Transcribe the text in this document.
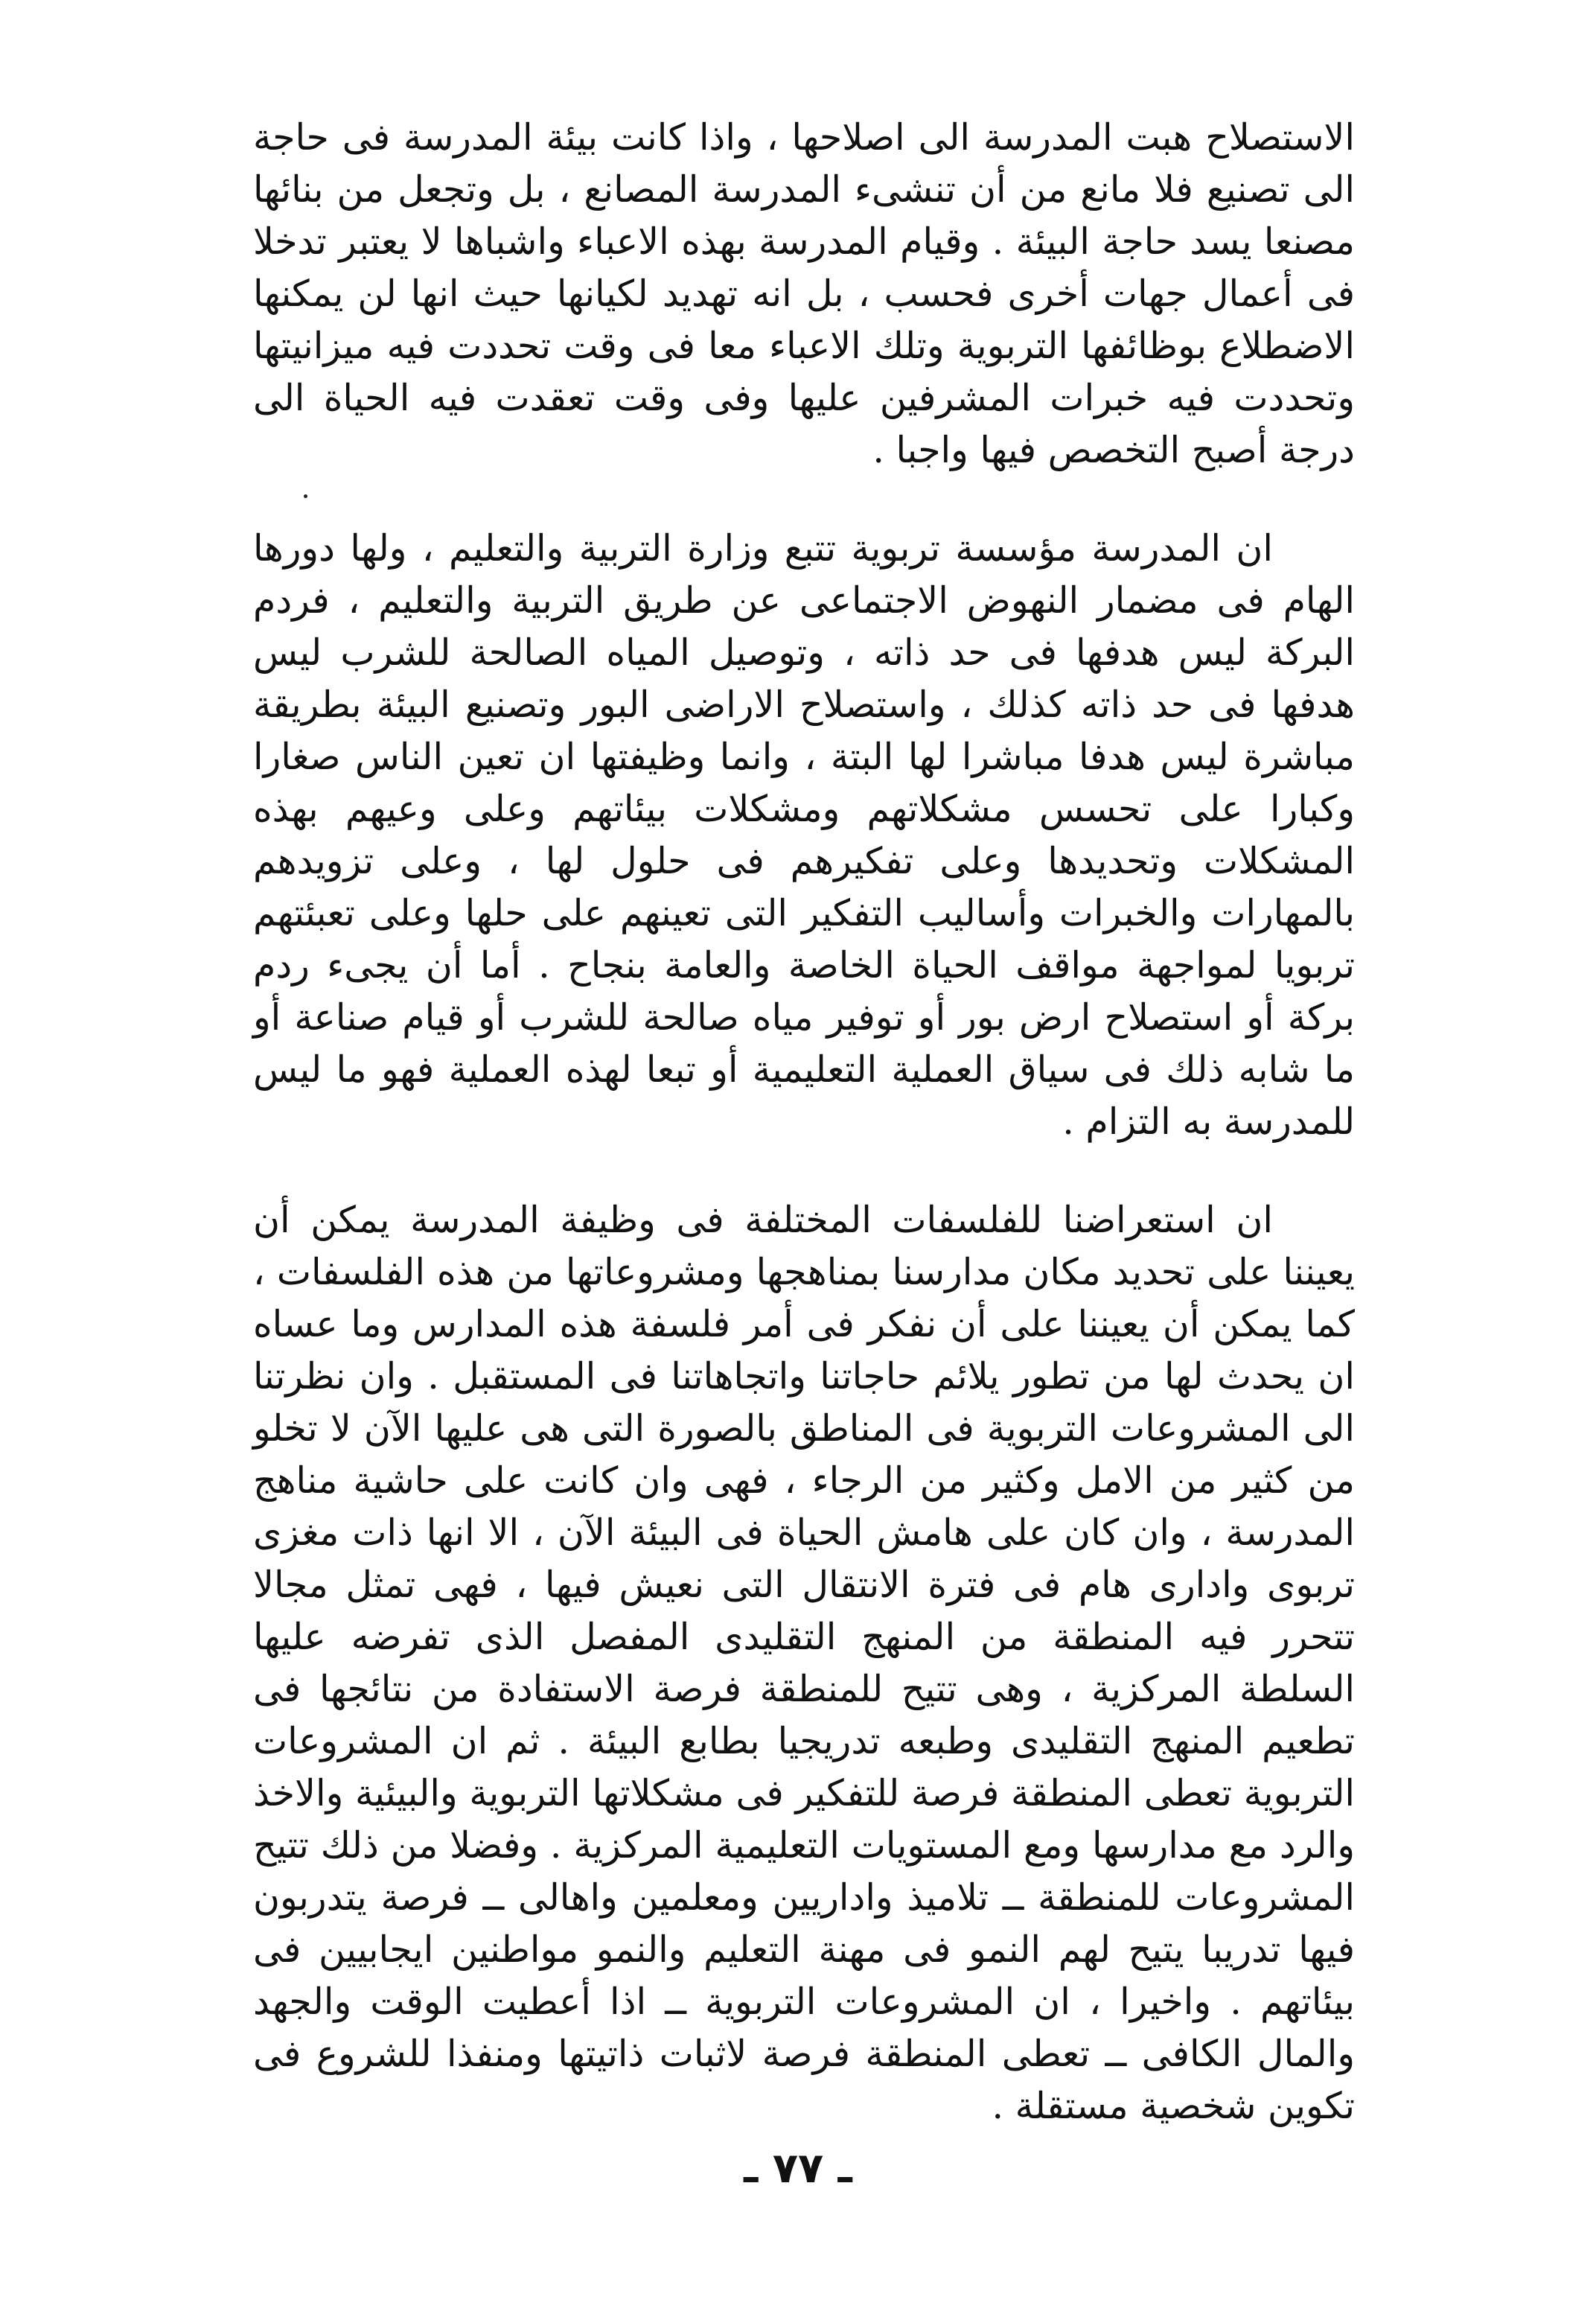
الاستصلاح هبت المدرسة الى اصلاحها ، واذا كانت بيئة المدرسة فى حاجة الى تصنيع فلا مانع من أن تنشىء المدرسة المصانع ، بل وتجعل من بنائها مصنعا يسد حاجة البيئة . وقيام المدرسة بهذه الاعباء واشباها لا يعتبر تدخلا فى أعمال جهات أخرى فحسب ، بل انه تهديد لكيانها حيث انها لن يمكنها الاضطلاع بوظائفها التربوية وتلك الاعباء معا فى وقت تحددت فيه ميزانيتها وتحددت فيه خبرات المشرفين عليها وفى وقت تعقدت فيه الحياة الى درجة أصبح التخصص فيها واجبا .

ان المدرسة مؤسسة تربوية تتبع وزارة التربية والتعليم ، ولها دورها الهام فى مضمار النهوض الاجتماعى عن طريق التربية والتعليم ، فردم البركة ليس هدفها فى حد ذاته ، وتوصيل المياه الصالحة للشرب ليس هدفها فى حد ذاته كذلك ، واستصلاح الاراضى البور وتصنيع البيئة بطريقة مباشرة ليس هدفا مباشرا لها البتة ، وانما وظيفتها ان تعين الناس صغارا وكبارا على تحسس مشكلاتهم ومشكلات بيئاتهم وعلى وعيهم بهذه المشكلات وتحديدها وعلى تفكيرهم فى حلول لها ، وعلى تزويدهم بالمهارات والخبرات وأساليب التفكير التى تعينهم على حلها وعلى تعبئتهم تربويا لمواجهة مواقف الحياة الخاصة والعامة بنجاح . أما أن يجىء ردم بركة أو استصلاح ارض بور أو توفير مياه صالحة للشرب أو قيام صناعة أو ما شابه ذلك فى سياق العملية التعليمية أو تبعا لهذه العملية فهو ما ليس للمدرسة به التزام .

ان استعراضنا للفلسفات المختلفة فى وظيفة المدرسة يمكن أن يعيننا على تحديد مكان مدارسنا بمناهجها ومشروعاتها من هذه الفلسفات ، كما يمكن أن يعيننا على أن نفكر فى أمر فلسفة هذه المدارس وما عساه ان يحدث لها من تطور يلائم حاجاتنا واتجاهاتنا فى المستقبل . وان نظرتنا الى المشروعات التربوية فى المناطق بالصورة التى هى عليها الآن لا تخلو من كثير من الامل وكثير من الرجاء ، فهى وان كانت على حاشية مناهج المدرسة ، وان كان على هامش الحياة فى البيئة الآن ، الا انها ذات مغزى تربوى وادارى هام فى فترة الانتقال التى نعيش فيها ، فهى تمثل مجالا تتحرر فيه المنطقة من المنهج التقليدى المفصل الذى تفرضه عليها السلطة المركزية ، وهى تتيح للمنطقة فرصة الاستفادة من نتائجها فى تطعيم المنهج التقليدى وطبعه تدريجيا بطابع البيئة . ثم ان المشروعات التربوية تعطى المنطقة فرصة للتفكير فى مشكلاتها التربوية والبيئية والاخذ والرد مع مدارسها ومع المستويات التعليمية المركزية . وفضلا من ذلك تتيح المشروعات للمنطقة ــ تلاميذ واداريين ومعلمين واهالى ــ فرصة يتدربون فيها تدريبا يتيح لهم النمو فى مهنة التعليم والنمو مواطنين ايجابيين فى بيئاتهم . واخيرا ، ان المشروعات التربوية ــ اذا أعطيت الوقت والجهد والمال الكافى ــ تعطى المنطقة فرصة لاثبات ذاتيتها ومنفذا للشروع فى تكوين شخصية مستقلة .

ـ ٧٧ ـ
